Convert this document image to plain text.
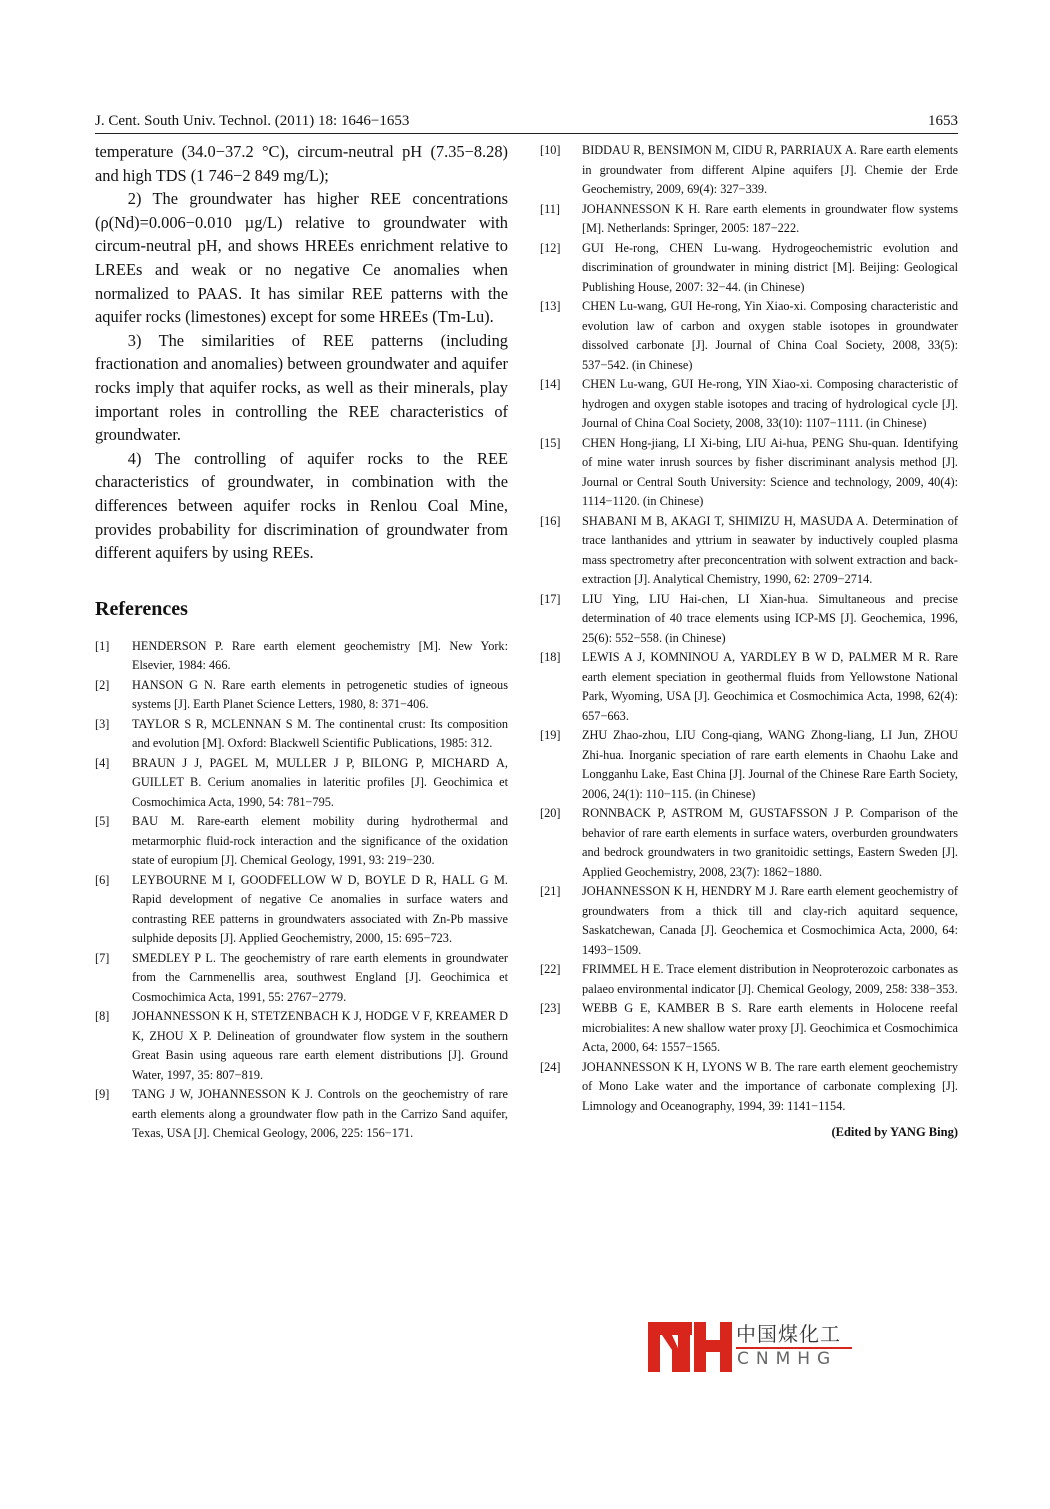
J. Cent. South Univ. Technol. (2011) 18: 1646−1653	1653

temperature (34.0−37.2 °C), circum-neutral pH (7.35−8.28) and high TDS (1 746−2 849 mg/L);

2) The groundwater has higher REE concentrations (ρ(Nd)=0.006−0.010 µg/L) relative to groundwater with circum-neutral pH, and shows HREEs enrichment relative to LREEs and weak or no negative Ce anomalies when normalized to PAAS. It has similar REE patterns with the aquifer rocks (limestones) except for some HREEs (Tm-Lu).

3) The similarities of REE patterns (including fractionation and anomalies) between groundwater and aquifer rocks imply that aquifer rocks, as well as their minerals, play important roles in controlling the REE characteristics of groundwater.

4) The controlling of aquifer rocks to the REE characteristics of groundwater, in combination with the differences between aquifer rocks in Renlou Coal Mine, provides probability for discrimination of groundwater from different aquifers by using REEs.

References

[1] HENDERSON P. Rare earth element geochemistry [M]. New York: Elsevier, 1984: 466.

[2] HANSON G N. Rare earth elements in petrogenetic studies of igneous systems [J]. Earth Planet Science Letters, 1980, 8: 371−406.

[3] TAYLOR S R, MCLENNAN S M. The continental crust: Its composition and evolution [M]. Oxford: Blackwell Scientific Publications, 1985: 312.

[4] BRAUN J J, PAGEL M, MULLER J P, BILONG P, MICHARD A, GUILLET B. Cerium anomalies in lateritic profiles [J]. Geochimica et Cosmochimica Acta, 1990, 54: 781−795.

[5] BAU M. Rare-earth element mobility during hydrothermal and metarmorphic fluid-rock interaction and the significance of the oxidation state of europium [J]. Chemical Geology, 1991, 93: 219−230.

[6] LEYBOURNE M I, GOODFELLOW W D, BOYLE D R, HALL G M. Rapid development of negative Ce anomalies in surface waters and contrasting REE patterns in groundwaters associated with Zn-Pb massive sulphide deposits [J]. Applied Geochemistry, 2000, 15: 695−723.

[7] SMEDLEY P L. The geochemistry of rare earth elements in groundwater from the Carnmenellis area, southwest England [J]. Geochimica et Cosmochimica Acta, 1991, 55: 2767−2779.

[8] JOHANNESSON K H, STETZENBACH K J, HODGE V F, KREAMER D K, ZHOU X P. Delineation of groundwater flow system in the southern Great Basin using aqueous rare earth element distributions [J]. Ground Water, 1997, 35: 807−819.

[9] TANG J W, JOHANNESSON K J. Controls on the geochemistry of rare earth elements along a groundwater flow path in the Carrizo Sand aquifer, Texas, USA [J]. Chemical Geology, 2006, 225: 156−171.

[10] BIDDAU R, BENSIMON M, CIDU R, PARRIAUX A. Rare earth elements in groundwater from different Alpine aquifers [J]. Chemie der Erde Geochemistry, 2009, 69(4): 327−339.

[11] JOHANNESSON K H. Rare earth elements in groundwater flow systems [M]. Netherlands: Springer, 2005: 187−222.

[12] GUI He-rong, CHEN Lu-wang. Hydrogeochemistric evolution and discrimination of groundwater in mining district [M]. Beijing: Geological Publishing House, 2007: 32−44. (in Chinese)

[13] CHEN Lu-wang, GUI He-rong, Yin Xiao-xi. Composing characteristic and evolution law of carbon and oxygen stable isotopes in groundwater dissolved carbonate [J]. Journal of China Coal Society, 2008, 33(5): 537−542. (in Chinese)

[14] CHEN Lu-wang, GUI He-rong, YIN Xiao-xi. Composing characteristic of hydrogen and oxygen stable isotopes and tracing of hydrological cycle [J]. Journal of China Coal Society, 2008, 33(10): 1107−1111. (in Chinese)

[15] CHEN Hong-jiang, LI Xi-bing, LIU Ai-hua, PENG Shu-quan. Identifying of mine water inrush sources by fisher discriminant analysis method [J]. Journal or Central South University: Science and technology, 2009, 40(4): 1114−1120. (in Chinese)

[16] SHABANI M B, AKAGI T, SHIMIZU H, MASUDA A. Determination of trace lanthanides and yttrium in seawater by inductively coupled plasma mass spectrometry after preconcentration with solwent extraction and back-extraction [J]. Analytical Chemistry, 1990, 62: 2709−2714.

[17] LIU Ying, LIU Hai-chen, LI Xian-hua. Simultaneous and precise determination of 40 trace elements using ICP-MS [J]. Geochemica, 1996, 25(6): 552−558. (in Chinese)

[18] LEWIS A J, KOMNINOU A, YARDLEY B W D, PALMER M R. Rare earth element speciation in geothermal fluids from Yellowstone National Park, Wyoming, USA [J]. Geochimica et Cosmochimica Acta, 1998, 62(4): 657−663.

[19] ZHU Zhao-zhou, LIU Cong-qiang, WANG Zhong-liang, LI Jun, ZHOU Zhi-hua. Inorganic speciation of rare earth elements in Chaohu Lake and Longganhu Lake, East China [J]. Journal of the Chinese Rare Earth Society, 2006, 24(1): 110−115. (in Chinese)

[20] RONNBACK P, ASTROM M, GUSTAFSSON J P. Comparison of the behavior of rare earth elements in surface waters, overburden groundwaters and bedrock groundwaters in two granitoidic settings, Eastern Sweden [J]. Applied Geochemistry, 2008, 23(7): 1862−1880.

[21] JOHANNESSON K H, HENDRY M J. Rare earth element geochemistry of groundwaters from a thick till and clay-rich aquitard sequence, Saskatchewan, Canada [J]. Geochemica et Cosmochimica Acta, 2000, 64: 1493−1509.

[22] FRIMMEL H E. Trace element distribution in Neoproterozoic carbonates as palaeo environmental indicator [J]. Chemical Geology, 2009, 258: 338−353.

[23] WEBB G E, KAMBER B S. Rare earth elements in Holocene reefal microbialites: A new shallow water proxy [J]. Geochimica et Cosmochimica Acta, 2000, 64: 1557−1565.

[24] JOHANNESSON K H, LYONS W B. The rare earth element geochemistry of Mono Lake water and the importance of carbonate complexing [J]. Limnology and Oceanography, 1994, 39: 1141−1154.

(Edited by YANG Bing)
中国煤化工
CNMHG
